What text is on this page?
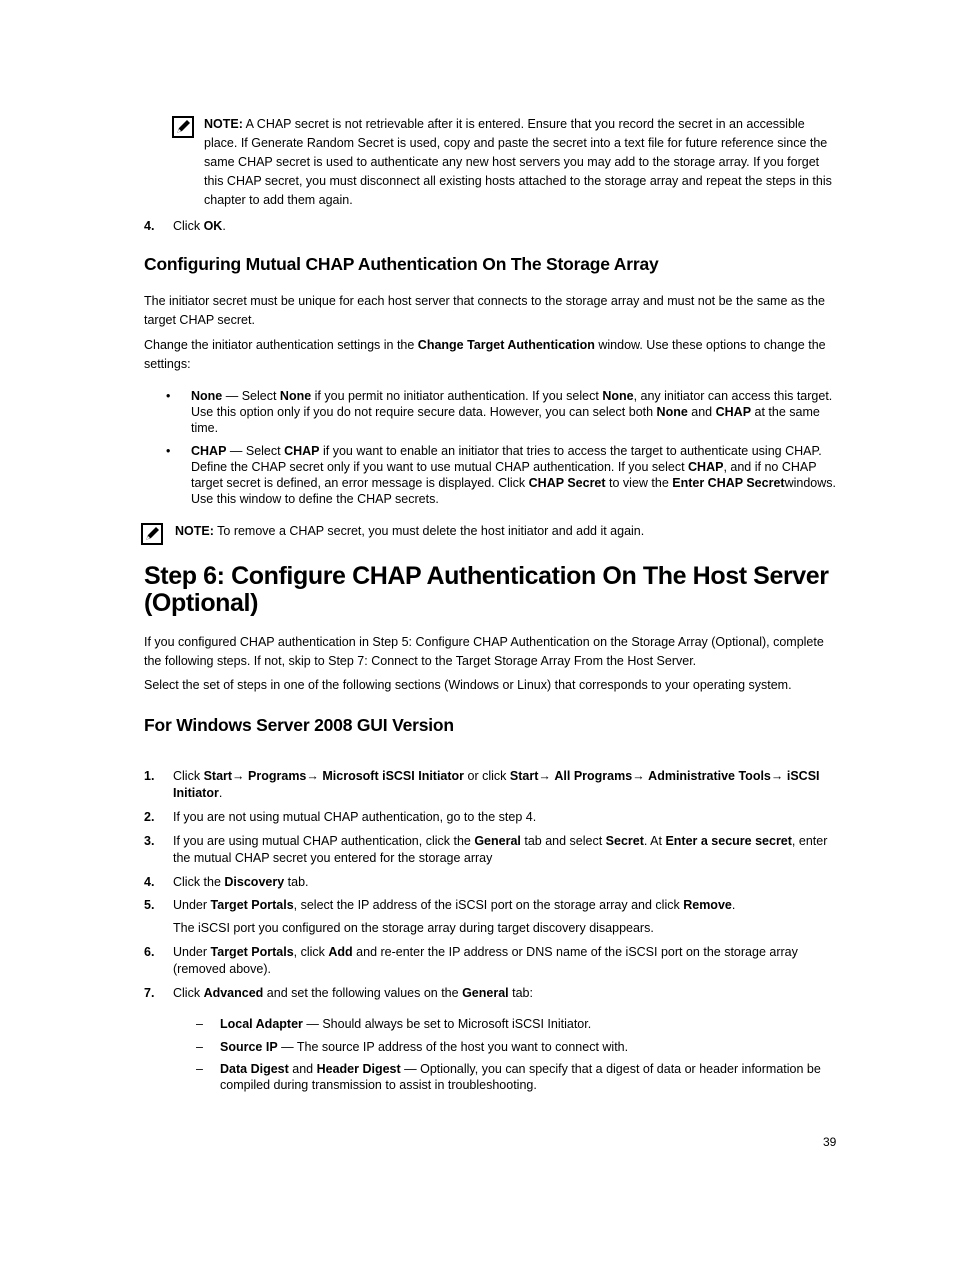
NOTE: A CHAP secret is not retrievable after it is entered. Ensure that you record the secret in an accessible place. If Generate Random Secret is used, copy and paste the secret into a text file for future reference since the same CHAP secret is used to authenticate any new host servers you may add to the storage array. If you forget this CHAP secret, you must disconnect all existing hosts attached to the storage array and repeat the steps in this chapter to add them again.
4. Click OK.
Configuring Mutual CHAP Authentication On The Storage Array
The initiator secret must be unique for each host server that connects to the storage array and must not be the same as the target CHAP secret.
Change the initiator authentication settings in the Change Target Authentication window. Use these options to change the settings:
• None — Select None if you permit no initiator authentication. If you select None, any initiator can access this target. Use this option only if you do not require secure data. However, you can select both None and CHAP at the same time.
• CHAP — Select CHAP if you want to enable an initiator that tries to access the target to authenticate using CHAP. Define the CHAP secret only if you want to use mutual CHAP authentication. If you select CHAP, and if no CHAP target secret is defined, an error message is displayed. Click CHAP Secret to view the Enter CHAP Secretwindows. Use this window to define the CHAP secrets.
NOTE: To remove a CHAP secret, you must delete the host initiator and add it again.
Step 6: Configure CHAP Authentication On The Host Server (Optional)
If you configured CHAP authentication in Step 5: Configure CHAP Authentication on the Storage Array (Optional), complete the following steps. If not, skip to Step 7: Connect to the Target Storage Array From the Host Server.
Select the set of steps in one of the following sections (Windows or Linux) that corresponds to your operating system.
For Windows Server 2008 GUI Version
1. Click Start→ Programs→ Microsoft iSCSI Initiator or click Start→ All Programs→ Administrative Tools→ iSCSI Initiator.
2. If you are not using mutual CHAP authentication, go to the step 4.
3. If you are using mutual CHAP authentication, click the General tab and select Secret. At Enter a secure secret, enter the mutual CHAP secret you entered for the storage array
4. Click the Discovery tab.
5. Under Target Portals, select the IP address of the iSCSI port on the storage array and click Remove.
The iSCSI port you configured on the storage array during target discovery disappears.
6. Under Target Portals, click Add and re-enter the IP address or DNS name of the iSCSI port on the storage array (removed above).
7. Click Advanced and set the following values on the General tab:
– Local Adapter — Should always be set to Microsoft iSCSI Initiator.
– Source IP — The source IP address of the host you want to connect with.
– Data Digest and Header Digest — Optionally, you can specify that a digest of data or header information be compiled during transmission to assist in troubleshooting.
39
